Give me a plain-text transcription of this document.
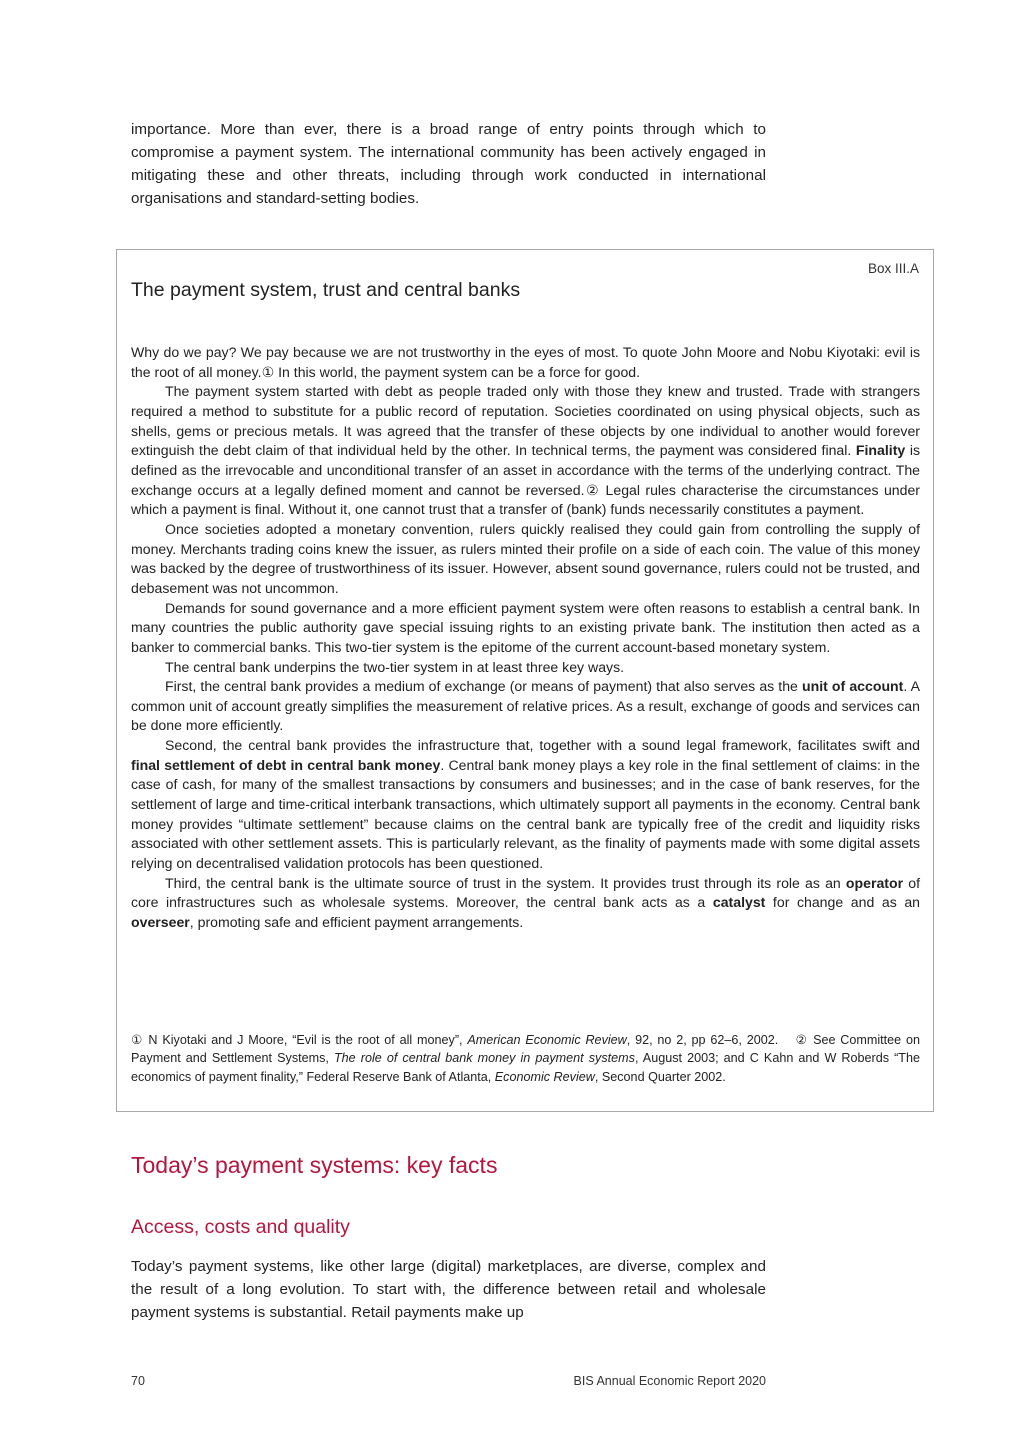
importance. More than ever, there is a broad range of entry points through which to compromise a payment system. The international community has been actively engaged in mitigating these and other threats, including through work conducted in international organisations and standard-setting bodies.
Box III.A
The payment system, trust and central banks

Why do we pay? We pay because we are not trustworthy in the eyes of most. To quote John Moore and Nobu Kiyotaki: evil is the root of all money.① In this world, the payment system can be a force for good.

The payment system started with debt as people traded only with those they knew and trusted. Trade with strangers required a method to substitute for a public record of reputation. Societies coordinated on using physical objects, such as shells, gems or precious metals. It was agreed that the transfer of these objects by one individual to another would forever extinguish the debt claim of that individual held by the other. In technical terms, the payment was considered final. Finality is defined as the irrevocable and unconditional transfer of an asset in accordance with the terms of the underlying contract. The exchange occurs at a legally defined moment and cannot be reversed.② Legal rules characterise the circumstances under which a payment is final. Without it, one cannot trust that a transfer of (bank) funds necessarily constitutes a payment.

Once societies adopted a monetary convention, rulers quickly realised they could gain from controlling the supply of money. Merchants trading coins knew the issuer, as rulers minted their profile on a side of each coin. The value of this money was backed by the degree of trustworthiness of its issuer. However, absent sound governance, rulers could not be trusted, and debasement was not uncommon.

Demands for sound governance and a more efficient payment system were often reasons to establish a central bank. In many countries the public authority gave special issuing rights to an existing private bank. The institution then acted as a banker to commercial banks. This two-tier system is the epitome of the current account-based monetary system.

The central bank underpins the two-tier system in at least three key ways.

First, the central bank provides a medium of exchange (or means of payment) that also serves as the unit of account. A common unit of account greatly simplifies the measurement of relative prices. As a result, exchange of goods and services can be done more efficiently.

Second, the central bank provides the infrastructure that, together with a sound legal framework, facilitates swift and final settlement of debt in central bank money. Central bank money plays a key role in the final settlement of claims: in the case of cash, for many of the smallest transactions by consumers and businesses; and in the case of bank reserves, for the settlement of large and time-critical interbank transactions, which ultimately support all payments in the economy. Central bank money provides “ultimate settlement” because claims on the central bank are typically free of the credit and liquidity risks associated with other settlement assets. This is particularly relevant, as the finality of payments made with some digital assets relying on decentralised validation protocols has been questioned.

Third, the central bank is the ultimate source of trust in the system. It provides trust through its role as an operator of core infrastructures such as wholesale systems. Moreover, the central bank acts as a catalyst for change and as an overseer, promoting safe and efficient payment arrangements.

① N Kiyotaki and J Moore, “Evil is the root of all money”, American Economic Review, 92, no 2, pp 62–6, 2002.  ② See Committee on Payment and Settlement Systems, The role of central bank money in payment systems, August 2003; and C Kahn and W Roberds “The economics of payment finality,” Federal Reserve Bank of Atlanta, Economic Review, Second Quarter 2002.
Today’s payment systems: key facts
Access, costs and quality
Today’s payment systems, like other large (digital) marketplaces, are diverse, complex and the result of a long evolution. To start with, the difference between retail and wholesale payment systems is substantial. Retail payments make up
70	BIS Annual Economic Report 2020
